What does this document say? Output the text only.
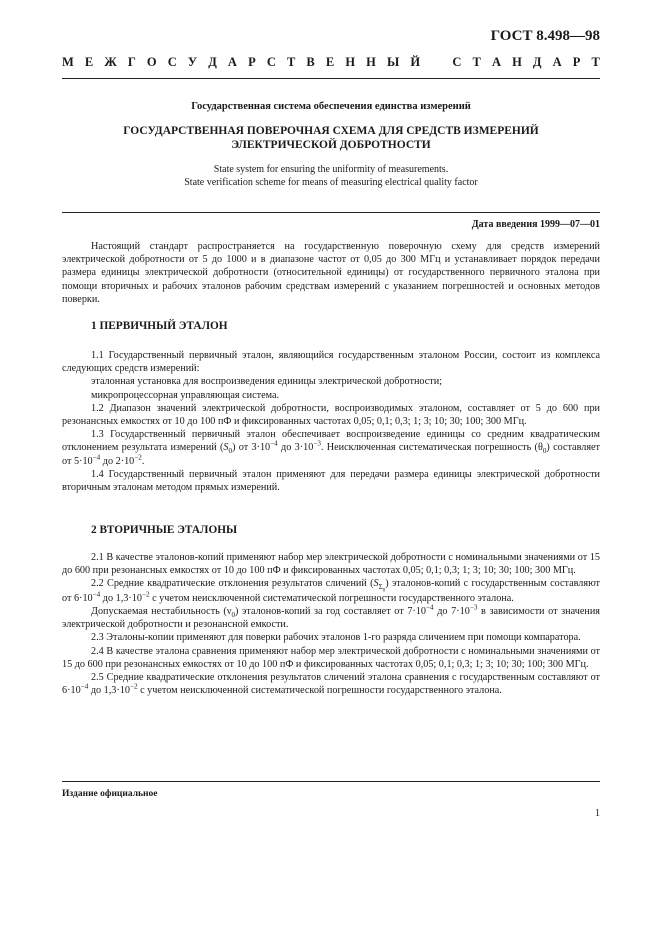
ГОСТ 8.498—98
М Е Ж Г О С У Д А Р С Т В Е Н Н Ы Й	С Т А Н Д А Р Т
Государственная система обеспечения единства измерений
ГОСУДАРСТВЕННАЯ ПОВЕРОЧНАЯ СХЕМА ДЛЯ СРЕДСТВ ИЗМЕРЕНИЙ
ЭЛЕКТРИЧЕСКОЙ ДОБРОТНОСТИ
State system for ensuring the uniformity of measurements.
State verification scheme for means of measuring electrical quality factor
Дата введения 1999—07—01

Настоящий стандарт распространяется на государственную поверочную схему для средств измерений электрической добротности от 5 до 1000 и в диапазоне частот от 0,05 до 300 МГц и устанавливает порядок передачи размера единицы электрической добротности (относительной единицы) от государственного первичного эталона при помощи вторичных и рабочих эталонов рабочим средствам измерений с указанием погрешностей и основных методов поверки.

1 ПЕРВИЧНЫЙ ЭТАЛОН

1.1 Государственный первичный эталон, являющийся государственным эталоном России, состоит из комплекса следующих средств измерений:

эталонная установка для воспроизведения единицы электрической добротности;

микропроцессорная управляющая система.

1.2 Диапазон значений электрической добротности, воспроизводимых эталоном, составляет от 5 до 600 при резонансных емкостях от 10 до 100 пФ и фиксированных частотах 0,05; 0,1; 0,3; 1; 3; 10; 30; 100; 300 МГц.

1.3 Государственный первичный эталон обеспечивает воспроизведение единицы со средним квадратическим отклонением результата измерений $(S_0)$ от $3\cdot 10^{-4}$ до $3\cdot 10^{-3}$. Неисключенная систематическая погрешность $(\theta_0)$ составляет от $5\cdot 10^{-4}$ до $2\cdot 10^{-2}$.

1.4 Государственный первичный эталон применяют для передачи размера единицы электрической добротности вторичным эталонам методом прямых измерений.

2 ВТОРИЧНЫЕ ЭТАЛОНЫ

2.1 В качестве эталонов-копий применяют набор мер электрической добротности с номинальными значениями от 15 до 600 при резонансных емкостях от 10 до 100 пФ и фиксированных частотах 0,05; 0,1; 0,3; 1; 3; 10; 30; 100; 300 МГц.

2.2 Средние квадратические отклонения результатов сличений $(S_{\Sigma_0})$ эталонов-копий с государственным составляют от $6\cdot 10^{-4}$ до $1,3\cdot 10^{-2}$ с учетом неисключенной систематической погрешности государственного эталона.

Допускаемая нестабильность $(\nu_0)$ эталонов-копий за год составляет от $7\cdot 10^{-4}$ до $7\cdot 10^{-3}$ в зависимости от значения электрической добротности и резонансной емкости.

2.3 Эталоны-копии применяют для поверки рабочих эталонов 1-го разряда сличением при помощи компаратора.

2.4 В качестве эталона сравнения применяют набор мер электрической добротности с номинальными значениями от 15 до 600 при резонансных емкостях от 10 до 100 пФ и фиксированных частотах 0,05; 0,1; 0,3; 1; 3; 10; 30; 100; 300 МГц.

2.5 Средние квадратические отклонения результатов сличений эталона сравнения с государственным составляют от $6\cdot 10^{-4}$ до $1,3\cdot 10^{-2}$ с учетом неисключенной систематической погрешности государственного эталона.

Издание официальное
1
